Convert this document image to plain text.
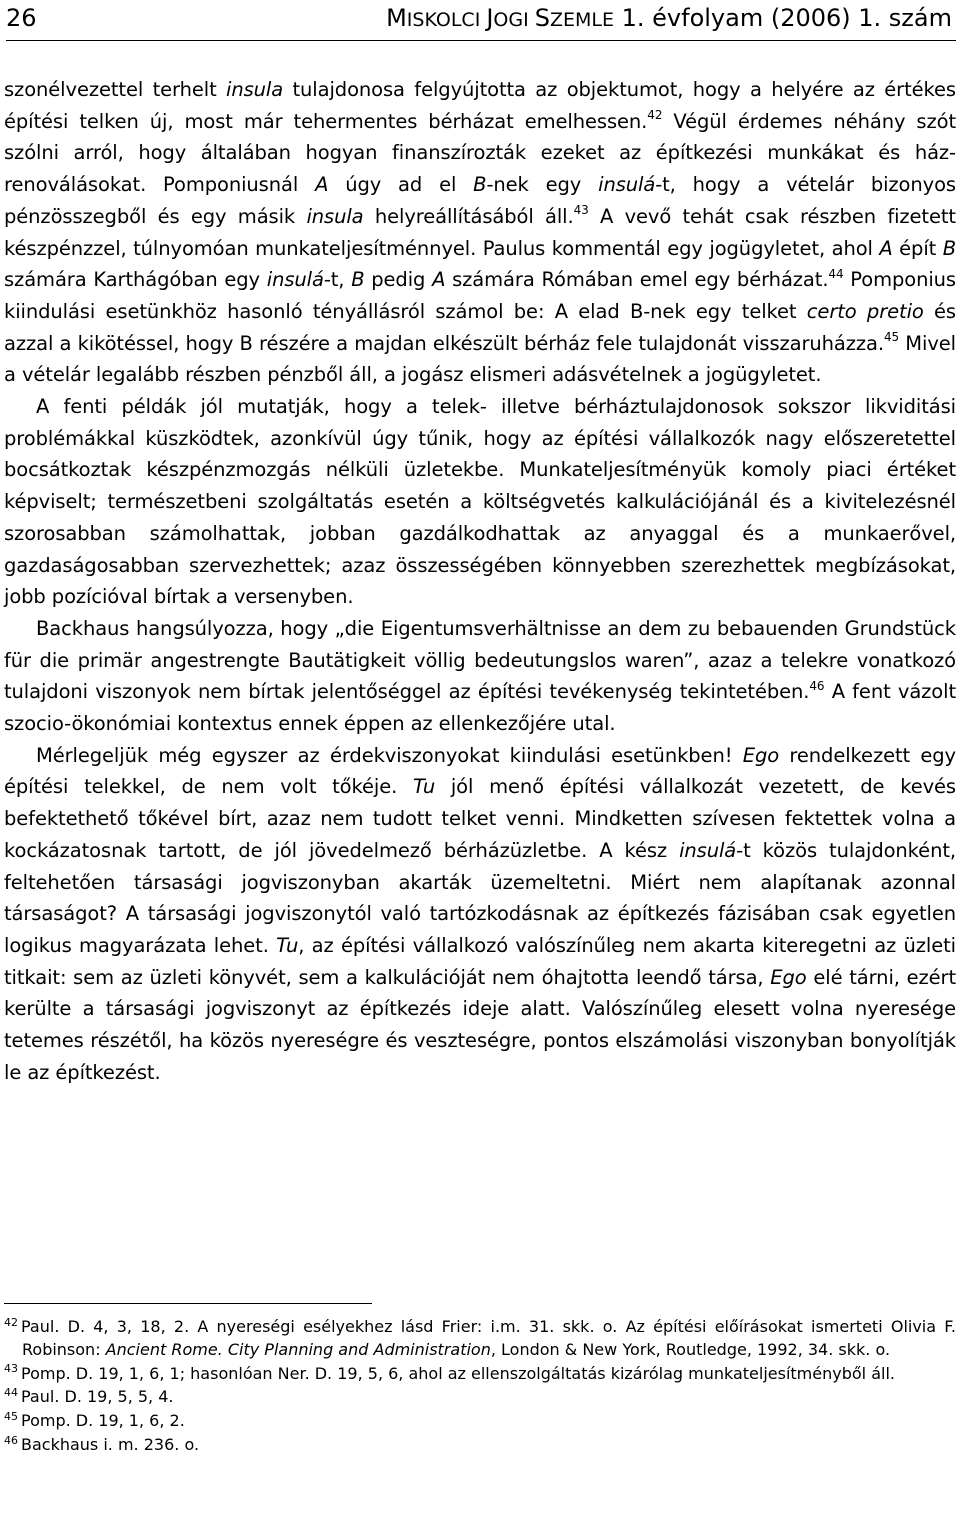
26	MISKOLCI JOGI SZEMLE 1. évfolyam (2006) 1. szám

szonélvezettel terhelt insula tulajdonosa felgyújtotta az objektumot, hogy a helyére az értékes építési telken új, most már tehermentes bérházat emelhessen.$^{42}$ Végül érdemes néhány szót szólni arról, hogy általában hogyan finanszírozták ezeket az építkezési munkákat és ház-renoválásokat. Pomponiusnál A úgy ad el B-nek egy insulá-t, hogy a vételár bizonyos pénzösszegből és egy másik insula helyreállításából áll.$^{43}$ A vevő tehát csak részben fizetett készpénzzel, túlnyomóan munkateljesítménnyel. Paulus kommentál egy jogügyletet, ahol A épít B számára Karthágóban egy insulá-t, B pedig A számára Rómában emel egy bérházat.$^{44}$ Pomponius kiindulási esetünkhöz hasonló tényállásról számol be: A elad B-nek egy telket certo pretio és azzal a kikötéssel, hogy B részére a majdan elkészült bérház fele tulajdonát visszaruházza.$^{45}$ Mivel a vételár legalább részben pénzből áll, a jogász elismeri adásvételnek a jogügyletet.

A fenti példák jól mutatják, hogy a telek- illetve bérháztulajdonosok sokszor likviditási problémákkal küszködtek, azonkívül úgy tűnik, hogy az építési vállalkozók nagy előszeretettel bocsátkoztak készpénzmozgás nélküli üzletekbe. Munkateljesítményük komoly piaci értéket képviselt; természetbeni szolgáltatás esetén a költségvetés kalkulációjánál és a kivitelezésnél szorosabban számolhattak, jobban gazdálkodhattak az anyaggal és a munkaerővel, gazdaságosabban szervezhettek; azaz összességében könnyebben szerezhettek megbízásokat, jobb pozícióval bírtak a versenyben.

Backhaus hangsúlyozza, hogy „die Eigentumsverhältnisse an dem zu bebauenden Grundstück für die primär angestrengte Bautätigkeit völlig bedeutungslos waren”, azaz a telekre vonatkozó tulajdoni viszonyok nem bírtak jelentőséggel az építési tevékenység tekintetében.$^{46}$ A fent vázolt szocio-ökonómiai kontextus ennek éppen az ellenkezőjére utal.

Mérlegeljük még egyszer az érdekviszonyokat kiindulási esetünkben! Ego rendelkezett egy építési telekkel, de nem volt tőkéje. Tu jól menő építési vállalkozát vezetett, de kevés befektethető tőkével bírt, azaz nem tudott telket venni. Mindketten szívesen fektettek volna a kockázatosnak tartott, de jól jövedelmező bérházüzletbe. A kész insulá-t közös tulajdonként, feltehetően társasági jogviszonyban akarták üzemeltetni. Miért nem alapítanak azonnal társaságot? A társasági jogviszonytól való tartózkodásnak az építkezés fázisában csak egyetlen logikus magyarázata lehet. Tu, az építési vállalkozó valószínűleg nem akarta kiteregetni az üzleti titkait: sem az üzleti könyvét, sem a kalkulációját nem óhajtotta leendő társa, Ego elé tárni, ezért kerülte a társasági jogviszonyt az építkezés ideje alatt. Valószínűleg elesett volna nyereségе tetemes részétől, ha közös nyereségre és veszteségre, pontos elszámolási viszonyban bonyolítják le az építkezést.

$^{42}$ Paul. D. 4, 3, 18, 2. A nyereségi esélyekhez lásd Frier: i.m. 31. skk. o. Az építési előírásokat ismerteti Olivia F. Robinson: Ancient Rome. City Planning and Administration, London & New York, Routledge, 1992, 34. skk. o.

$^{43}$ Pomp. D. 19, 1, 6, 1; hasonlóan Ner. D. 19, 5, 6, ahol az ellenszolgáltatás kizárólag munkateljesítményből áll.

$^{44}$ Paul. D. 19, 5, 5, 4.

$^{45}$ Pomp. D. 19, 1, 6, 2.

$^{46}$ Backhaus i. m. 236. o.
